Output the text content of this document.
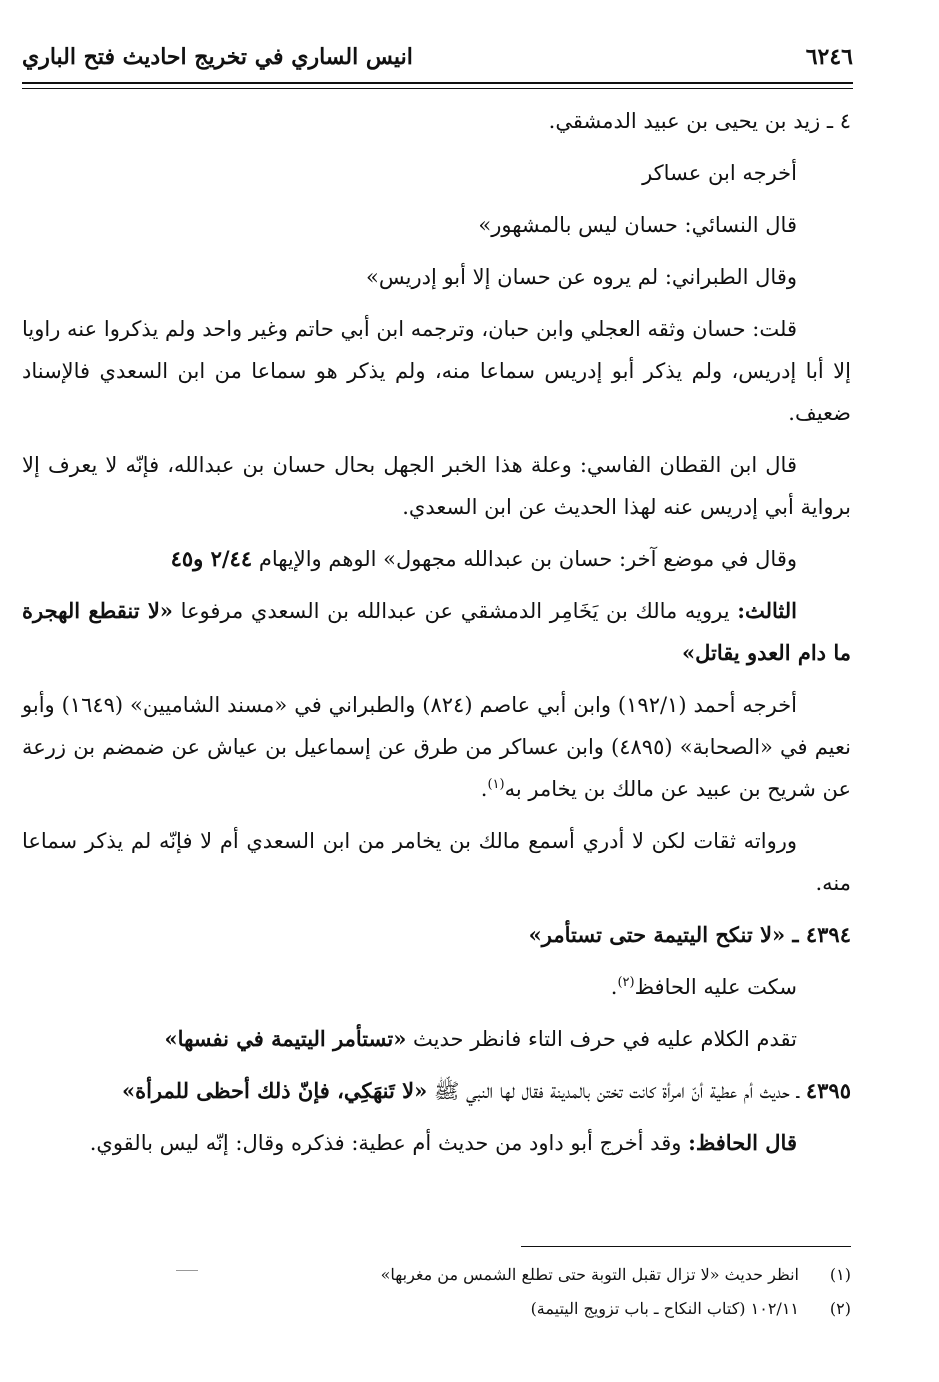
٦٢٤٦
انيس الساري في تخريج احاديث فتح الباري

٤ ـ زيد بن يحيى بن عبيد الدمشقي.

أخرجه ابن عساكر

قال النسائي: حسان ليس بالمشهور»

وقال الطبراني: لم يروه عن حسان إلا أبو إدريس»

قلت: حسان وثقه العجلي وابن حبان، وترجمه ابن أبي حاتم وغير واحد ولم يذكروا عنه راويا إلا أبا إدريس، ولم يذكر أبو إدريس سماعا منه، ولم يذكر هو سماعا من ابن السعدي فالإسناد ضعيف.

قال ابن القطان الفاسي: وعلة هذا الخبر الجهل بحال حسان بن عبدالله، فإنّه لا يعرف إلا برواية أبي إدريس عنه لهذا الحديث عن ابن السعدي.

وقال في موضع آخر: حسان بن عبدالله مجهول» الوهم والإيهام ٢/٤٤ و٤٥

الثالث: يرويه مالك بن يَخَامِر الدمشقي عن عبدالله بن السعدي مرفوعا «لا تنقطع الهجرة ما دام العدو يقاتل»

أخرجه أحمد (١٩٢/١) وابن أبي عاصم (٨٢٤) والطبراني في «مسند الشاميين» (١٦٤٩) وأبو نعيم في «الصحابة» (٤٨٩٥) وابن عساكر من طرق عن إسماعيل بن عياش عن ضمضم بن زرعة عن شريح بن عبيد عن مالك بن يخامر به$^{(١)}$.

ورواته ثقات لكن لا أدري أسمع مالك بن يخامر من ابن السعدي أم لا فإنّه لم يذكر سماعا منه.

٤٣٩٤ ـ «لا تنكح اليتيمة حتى تستأمر»

سكت عليه الحافظ$^{(٢)}$.

تقدم الكلام عليه في حرف التاء فانظر حديث «تستأمر اليتيمة في نفسها»

٤٣٩٥ ـ حديث أم عطية أنّ امرأة كانت تختن بالمدينة فقال لها النبي ﷺ «لا تَنهَكِي، فإنّ ذلك أحظى للمرأة»

قال الحافظ: وقد أخرج أبو داود من حديث أم عطية: فذكره وقال: إنّه ليس بالقوي.

(١)
انظر حديث «لا تزال تقبل التوبة حتى تطلع الشمس من مغربها»
(٢)
١٠٢/١١ (كتاب النكاح ـ باب تزويج اليتيمة)
